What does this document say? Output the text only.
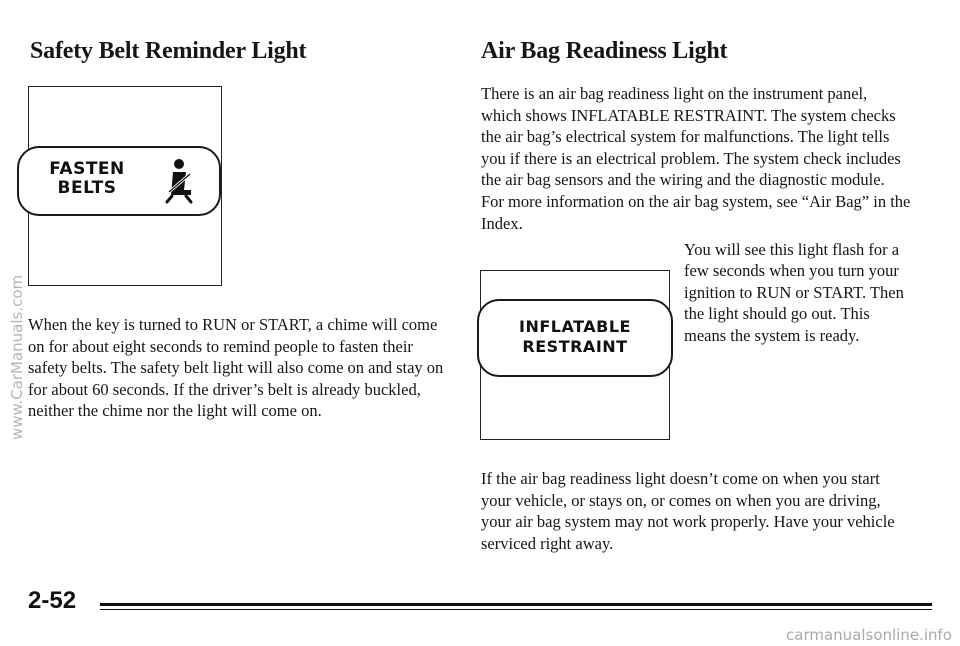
Safety Belt Reminder Light
FASTEN
BELTS

When the key is turned to RUN or START, a chime will come on for about eight seconds to remind people to fasten their safety belts. The safety belt light will also come on and stay on for about 60 seconds. If the driver’s belt is already buckled, neither the chime nor the light will come on.

Air Bag Readiness Light

There is an air bag readiness light on the instrument panel, which shows INFLATABLE RESTRAINT. The system checks the air bag’s electrical system for malfunctions. The light tells you if there is an electrical problem. The system check includes the air bag sensors and the wiring and the diagnostic module. For more information on the air bag system, see “Air Bag” in the Index.

INFLATABLE
RESTRAINT

You will see this light flash for a few seconds when you turn your ignition to RUN or START. Then the light should go out. This means the system is ready.

If the air bag readiness light doesn’t come on when you start your vehicle, or stays on, or comes on when you are driving, your air bag system may not work properly. Have your vehicle serviced right away.

2-52
www.CarManuals.com
carmanualsonline.info
